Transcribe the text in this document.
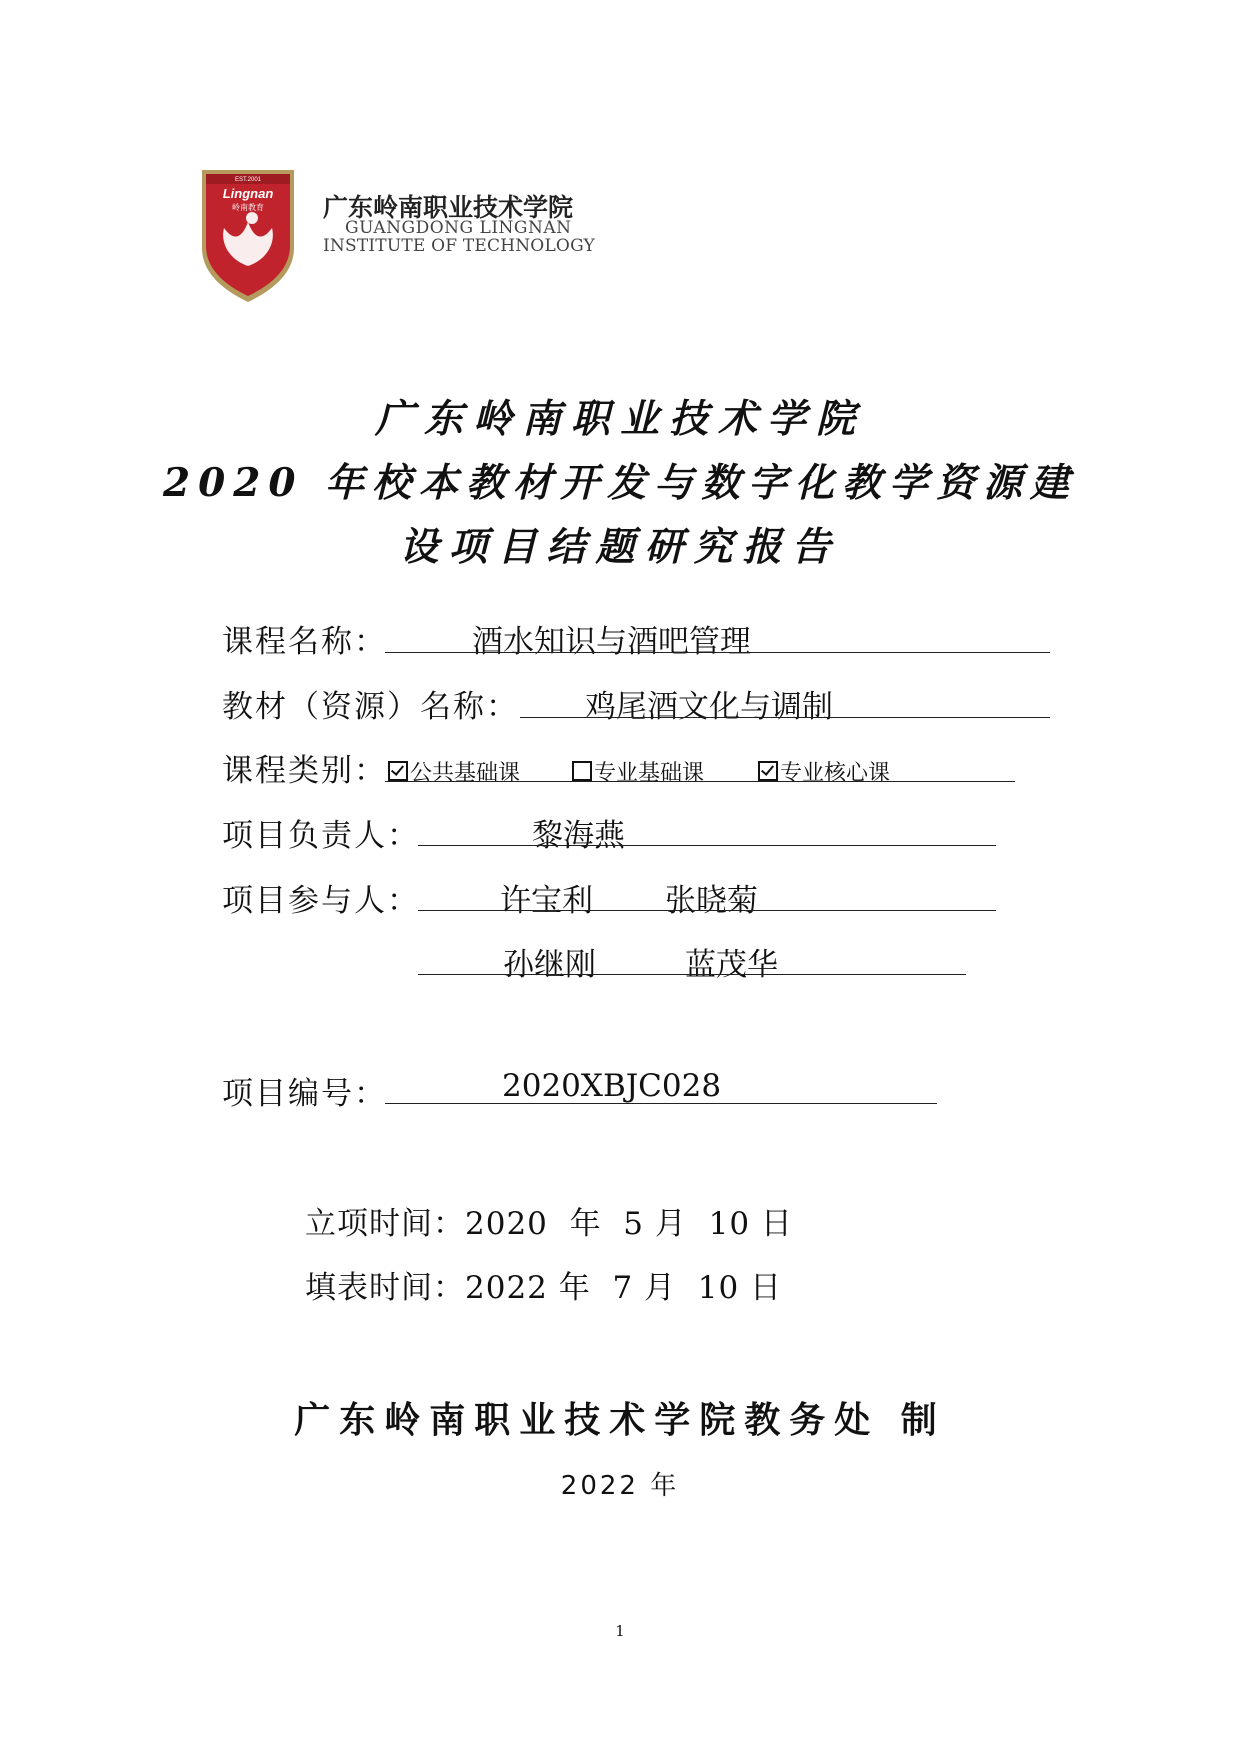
EST.2001
Lingnan
岭南教育 广东岭南职业技术学院
GUANGDONG LINGNAN
INSTITUTE OF TECHNOLOGY
广东岭南职业技术学院
2020 年校本教材开发与数字化教学资源建
设项目结题研究报告
课程名称：	酒水知识与酒吧管理
教材（资源）名称： 鸡尾酒文化与调制
课程类别：	公共基础课	专业基础课	专业核心课
项目负责人：	黎海燕
项目参与人：	许宝利 张晓菊
孙继刚	蓝茂华
项目编号：	2020XBJC028
立项时间：2020  年  5 月  10 日
填表时间：2022 年  7 月  10 日
广东岭南职业技术学院教务处 制
2022 年
1
